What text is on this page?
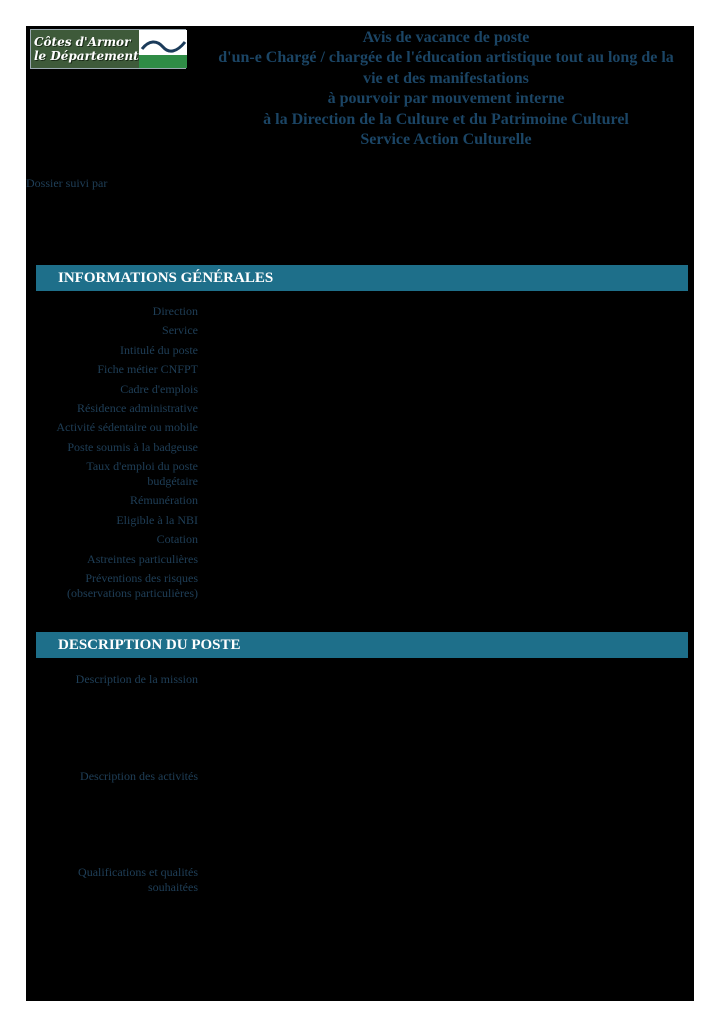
Côtes d'Armor
le Département
Avis de vacance de poste
d'un-e Chargé / chargée de l'éducation artistique tout au long de la
vie et des manifestations
à pourvoir par mouvement interne
à la Direction de la Culture et du Patrimoine Culturel
Service Action Culturelle
Dossier suivi par
INFORMATIONS GÉNÉRALES
Direction
Service
Intitulé du poste
Fiche métier CNFPT
Cadre d'emplois
Résidence administrative
Activité sédentaire ou mobile
Poste soumis à la badgeuse
Taux d'emploi du poste
budgétaire
Rémunération
Eligible à la NBI
Cotation
Astreintes particulières
Préventions des risques
(observations particulières)
DESCRIPTION DU POSTE
Description de la mission
Description des activités
Qualifications et qualités
souhaitées
